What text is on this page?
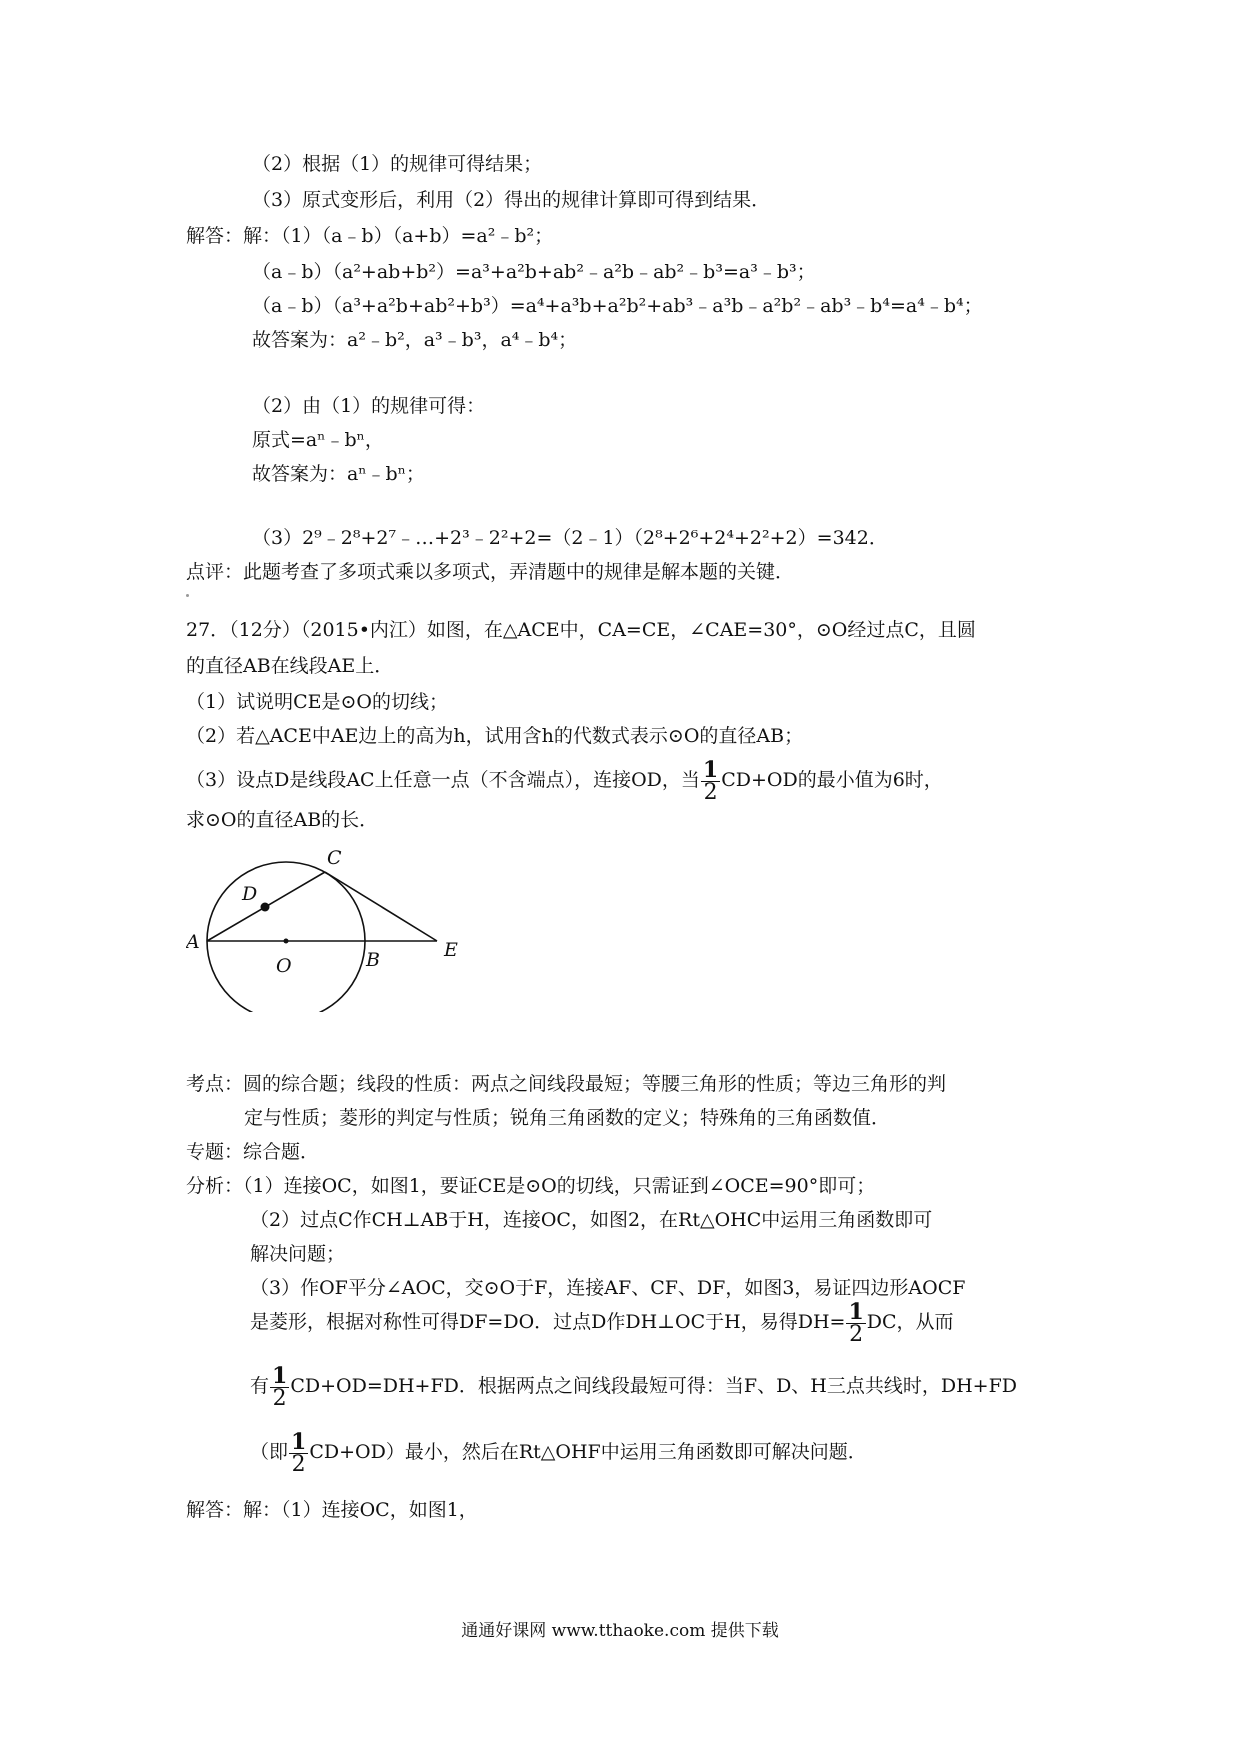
（2）根据（1）的规律可得结果；
（3）原式变形后，利用（2）得出的规律计算即可得到结果．
解答：解：（1）（a﹣b）（a+b）=a²﹣b²；
（a﹣b）（a²+ab+b²）=a³+a²b+ab²﹣a²b﹣ab²﹣b³=a³﹣b³；
（a﹣b）（a³+a²b+ab²+b³）=a⁴+a³b+a²b²+ab³﹣a³b﹣a²b²﹣ab³﹣b⁴=a⁴﹣b⁴；
故答案为：a²﹣b²，a³﹣b³，a⁴﹣b⁴；
（2）由（1）的规律可得：
原式=aⁿ﹣bⁿ，
故答案为：aⁿ﹣bⁿ；
（3）2⁹﹣2⁸+2⁷﹣…+2³﹣2²+2=（2﹣1）（2⁸+2⁶+2⁴+2²+2）=342．
点评：此题考查了多项式乘以多项式，弄清题中的规律是解本题的关键．
27．（12分）（2015•内江）如图，在△ACE中，CA=CE，∠CAE=30°，⊙O经过点C，且圆
的直径AB在线段AE上．
（1）试说明CE是⊙O的切线；
（2）若△ACE中AE边上的高为h，试用含h的代数式表示⊙O的直径AB；
（3）设点D是线段AC上任意一点（不含端点），连接OD，当 $\frac{1}{2} CD+OD$的最小值为6时，
求⊙O的直径AB的长．
C
D
A
O	B	E
考点：圆的综合题；线段的性质：两点之间线段最短；等腰三角形的性质；等边三角形的判
定与性质；菱形的判定与性质；锐角三角函数的定义；特殊角的三角函数值．
专题：综合题．
分析：（1）连接OC，如图1，要证CE是⊙O的切线，只需证到∠OCE=90°即可；
（2）过点C作CH⊥AB于H，连接OC，如图2，在Rt△OHC中运用三角函数即可
解决问题；
（3）作OF平分∠AOC，交⊙O于F，连接AF、CF、DF，如图3，易证四边形AOCF
是菱形，根据对称性可得DF=DO．过点D作DH⊥OC于H，易得$DH= \frac{1}{2}$ DC，从而
有 $\frac{1}{2} CD+OD=DH+FD$．根据两点之间线段最短可得：当F、D、H三点共线时，DH+FD
（即 $\frac{1}{2} CD+OD$）最小，然后在Rt△OHF中运用三角函数即可解决问题．
解答：解：（1）连接OC，如图1，
通通好课网 www.tthaoke.com 提供下载
